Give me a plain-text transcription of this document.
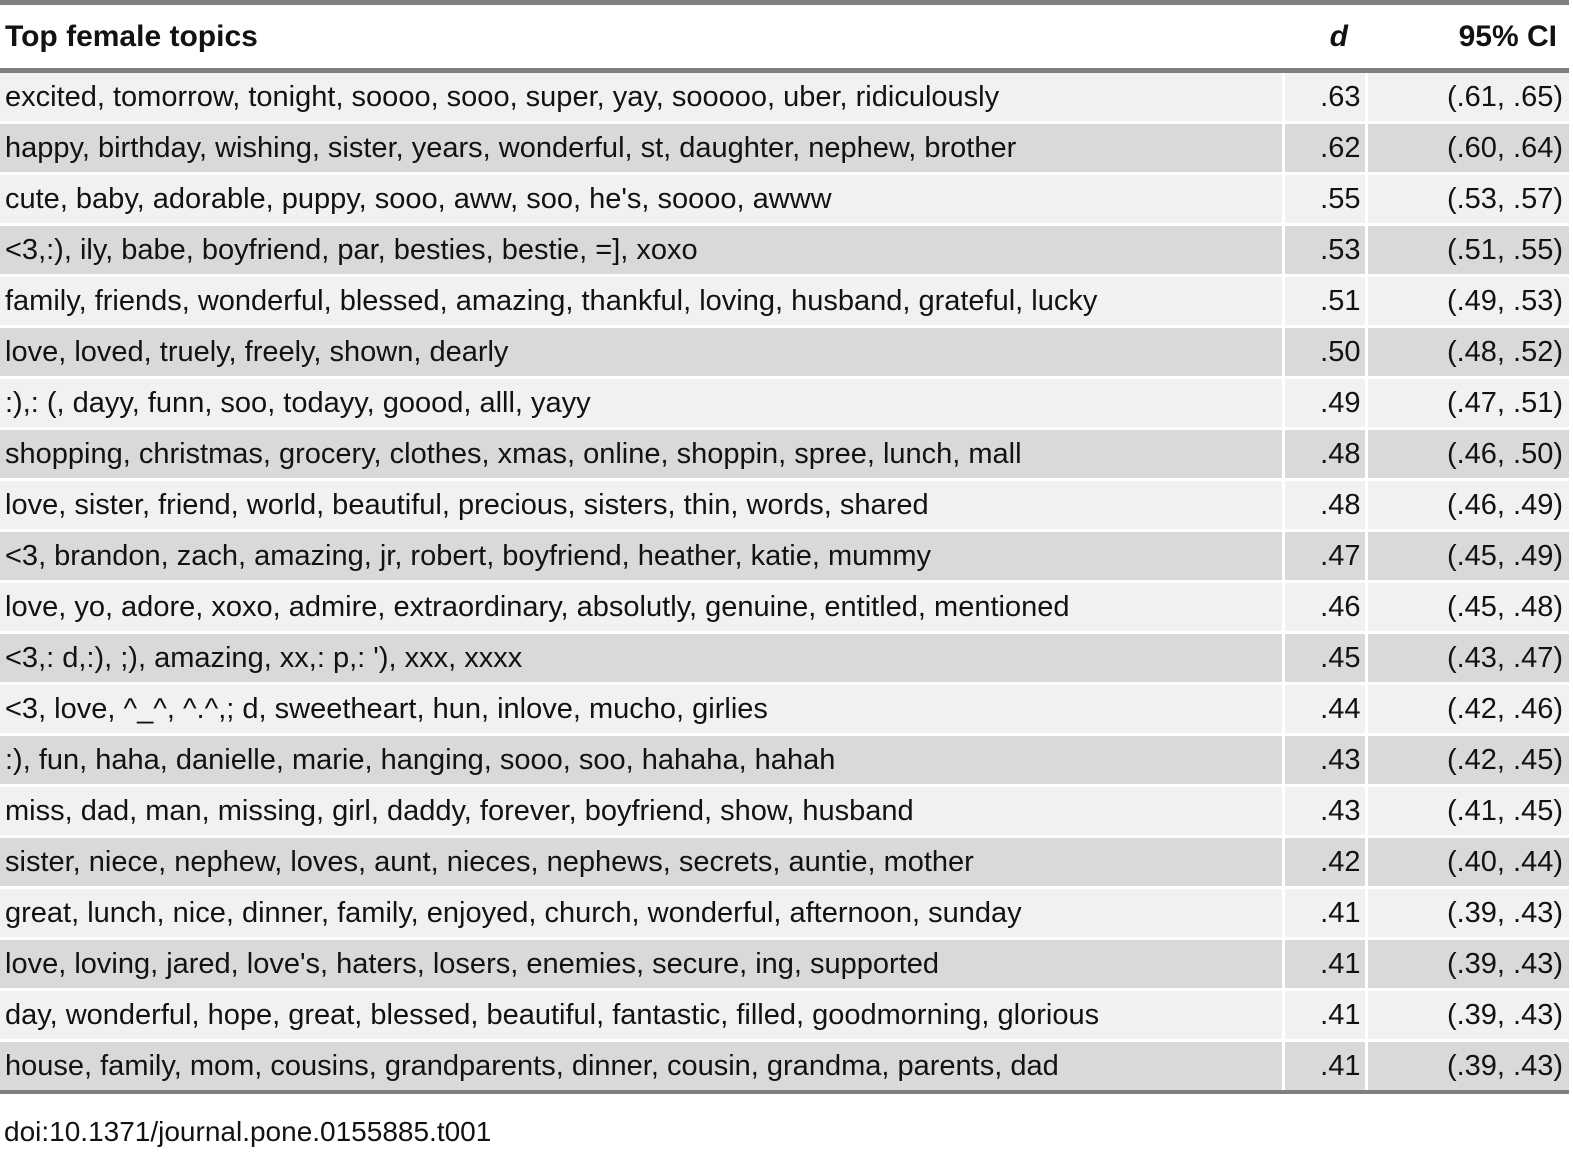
Top female topics	d	95% CI
excited, tomorrow, tonight, soooo, sooo, super, yay, sooooo, uber, ridiculously	.63	(.61, .65)
happy, birthday, wishing, sister, years, wonderful, st, daughter, nephew, brother	.62	(.60, .64)
cute, baby, adorable, puppy, sooo, aww, soo, he's, soooo, awww	.55	(.53, .57)
<3,:), ily, babe, boyfriend, par, besties, bestie, =], xoxo	.53	(.51, .55)
family, friends, wonderful, blessed, amazing, thankful, loving, husband, grateful, lucky	.51	(.49, .53)
love, loved, truely, freely, shown, dearly	.50	(.48, .52)
:),: (, dayy, funn, soo, todayy, goood, alll, yayy	.49	(.47, .51)
shopping, christmas, grocery, clothes, xmas, online, shoppin, spree, lunch, mall	.48	(.46, .50)
love, sister, friend, world, beautiful, precious, sisters, thin, words, shared	.48	(.46, .49)
<3, brandon, zach, amazing, jr, robert, boyfriend, heather, katie, mummy	.47	(.45, .49)
love, yo, adore, xoxo, admire, extraordinary, absolutly, genuine, entitled, mentioned	.46	(.45, .48)
<3,: d,:), ;), amazing, xx,: p,: '), xxx, xxxx	.45	(.43, .47)
<3, love, ^_^, ^.^,; d, sweetheart, hun, inlove, mucho, girlies	.44	(.42, .46)
:), fun, haha, danielle, marie, hanging, sooo, soo, hahaha, hahah	.43	(.42, .45)
miss, dad, man, missing, girl, daddy, forever, boyfriend, show, husband	.43	(.41, .45)
sister, niece, nephew, loves, aunt, nieces, nephews, secrets, auntie, mother	.42	(.40, .44)
great, lunch, nice, dinner, family, enjoyed, church, wonderful, afternoon, sunday	.41	(.39, .43)
love, loving, jared, love's, haters, losers, enemies, secure, ing, supported	.41	(.39, .43)
day, wonderful, hope, great, blessed, beautiful, fantastic, filled, goodmorning, glorious	.41	(.39, .43)
house, family, mom, cousins, grandparents, dinner, cousin, grandma, parents, dad	.41	(.39, .43)
doi:10.1371/journal.pone.0155885.t001
